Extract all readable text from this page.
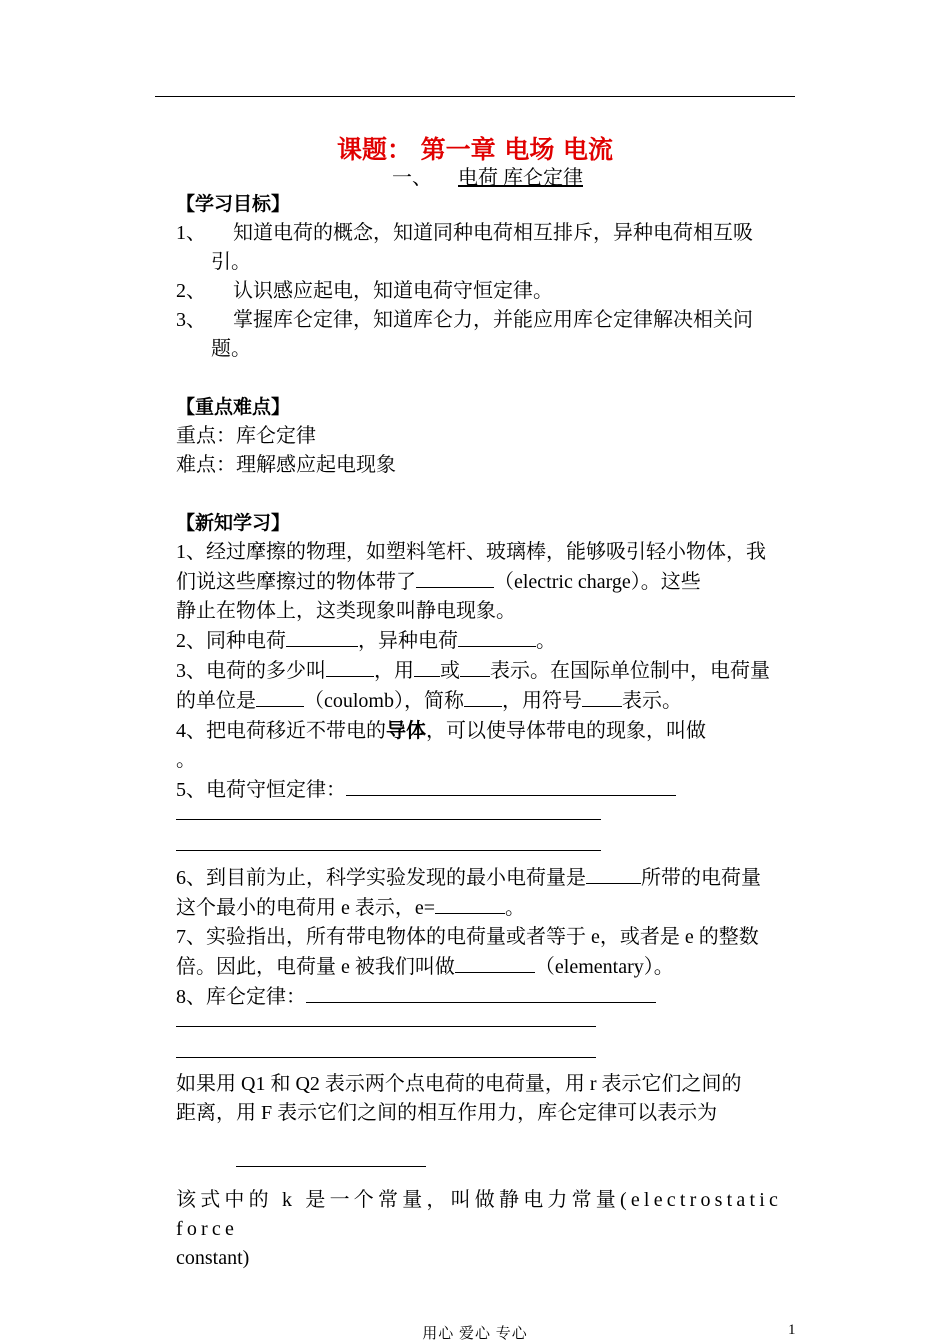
课题： 第一章 电场 电流
一、 电荷 库仑定律
【学习目标】
1、	知道电荷的概念，知道同种电荷相互排斥，异种电荷相互吸
引。
2、	认识感应起电，知道电荷守恒定律。
3、	掌握库仑定律，知道库仑力，并能应用库仑定律解决相关问
题。
【重点难点】
重点：库仑定律
难点：理解感应起电现象
【新知学习】
1、经过摩擦的物理，如塑料笔杆、玻璃棒，能够吸引轻小物体，我
们说这些摩擦过的物体带了	（electric charge）。这些
静止在物体上，这类现象叫静电现象。
2、同种电荷	，异种电荷	。
3、电荷的多少叫 ，用 或 表示。在国际单位制中，电荷量
的单位是 （coulomb），简称 ，用符号 表示。
4、把电荷移近不带电的导体，可以使导体带电的现象，叫做
。
5、电荷守恒定律：
6、到目前为止，科学实验发现的最小电荷量是	所带的电荷量
这个最小的电荷用 e 表示，e=	。
7、实验指出，所有带电物体的电荷量或者等于 e，或者是 e 的整数
倍。因此，电荷量 e 被我们叫做	（elementary）。
8、库仑定律：
如果用 Q1 和 Q2 表示两个点电荷的电荷量，用 r 表示它们之间的
距离，用 F 表示它们之间的相互作用力，库仑定律可以表示为
该式中的 k 是一个常量，叫做静电力常量(electrostatic force
constant)
用心 爱心 专心	1
